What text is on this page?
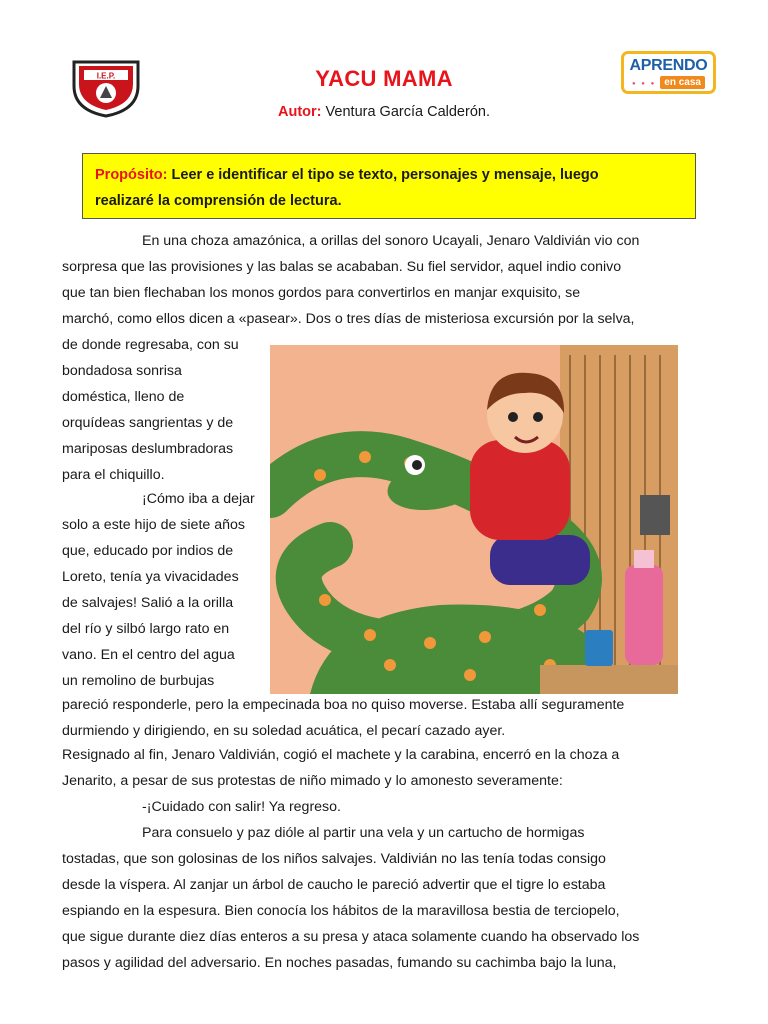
I.E.P.
APRENDO
● ● ● en casa
YACU MAMA
Autor: Ventura García Calderón.
Propósito: Leer e identificar el tipo se texto, personajes y mensaje, luego
realizaré la comprensión de lectura.
En una choza amazónica, a orillas del sonoro Ucayali, Jenaro Valdivián vio con
sorpresa que las provisiones y las balas se acababan. Su fiel servidor, aquel indio conivo
que tan bien flechaban los monos gordos para convertirlos en manjar exquisito, se
marchó, como ellos dicen a «pasear». Dos o tres días de misteriosa excursión por la selva,
de donde regresaba, con su
bondadosa sonrisa
doméstica, lleno de
orquídeas sangrientas y de
mariposas deslumbradoras
para el chiquillo.
¡Cómo iba a dejar
solo a este hijo de siete años
que, educado por indios de
Loreto, tenía ya vivacidades
de salvajes! Salió a la orilla
del río y silbó largo rato en
vano. En el centro del agua
un remolino de burbujas
pareció responderle, pero la empecinada boa no quiso moverse. Estaba allí seguramente
durmiendo y dirigiendo, en su soledad acuática, el pecarí cazado ayer.
Resignado al fin, Jenaro Valdivián, cogió el machete y la carabina, encerró en la choza a
Jenarito, a pesar de sus protestas de niño mimado y lo amonesto severamente:
-¡Cuidado con salir! Ya regreso.
Para consuelo y paz dióle al partir una vela y un cartucho de hormigas
tostadas, que son golosinas de los niños salvajes. Valdivián no las tenía todas consigo
desde la víspera. Al zanjar un árbol de caucho le pareció advertir que el tigre lo estaba
espiando en la espesura. Bien conocía los hábitos de la maravillosa bestia de terciopelo,
que sigue durante diez días enteros a su presa y ataca solamente cuando ha observado los
pasos y agilidad del adversario. En noches pasadas, fumando su cachimba bajo la luna,
